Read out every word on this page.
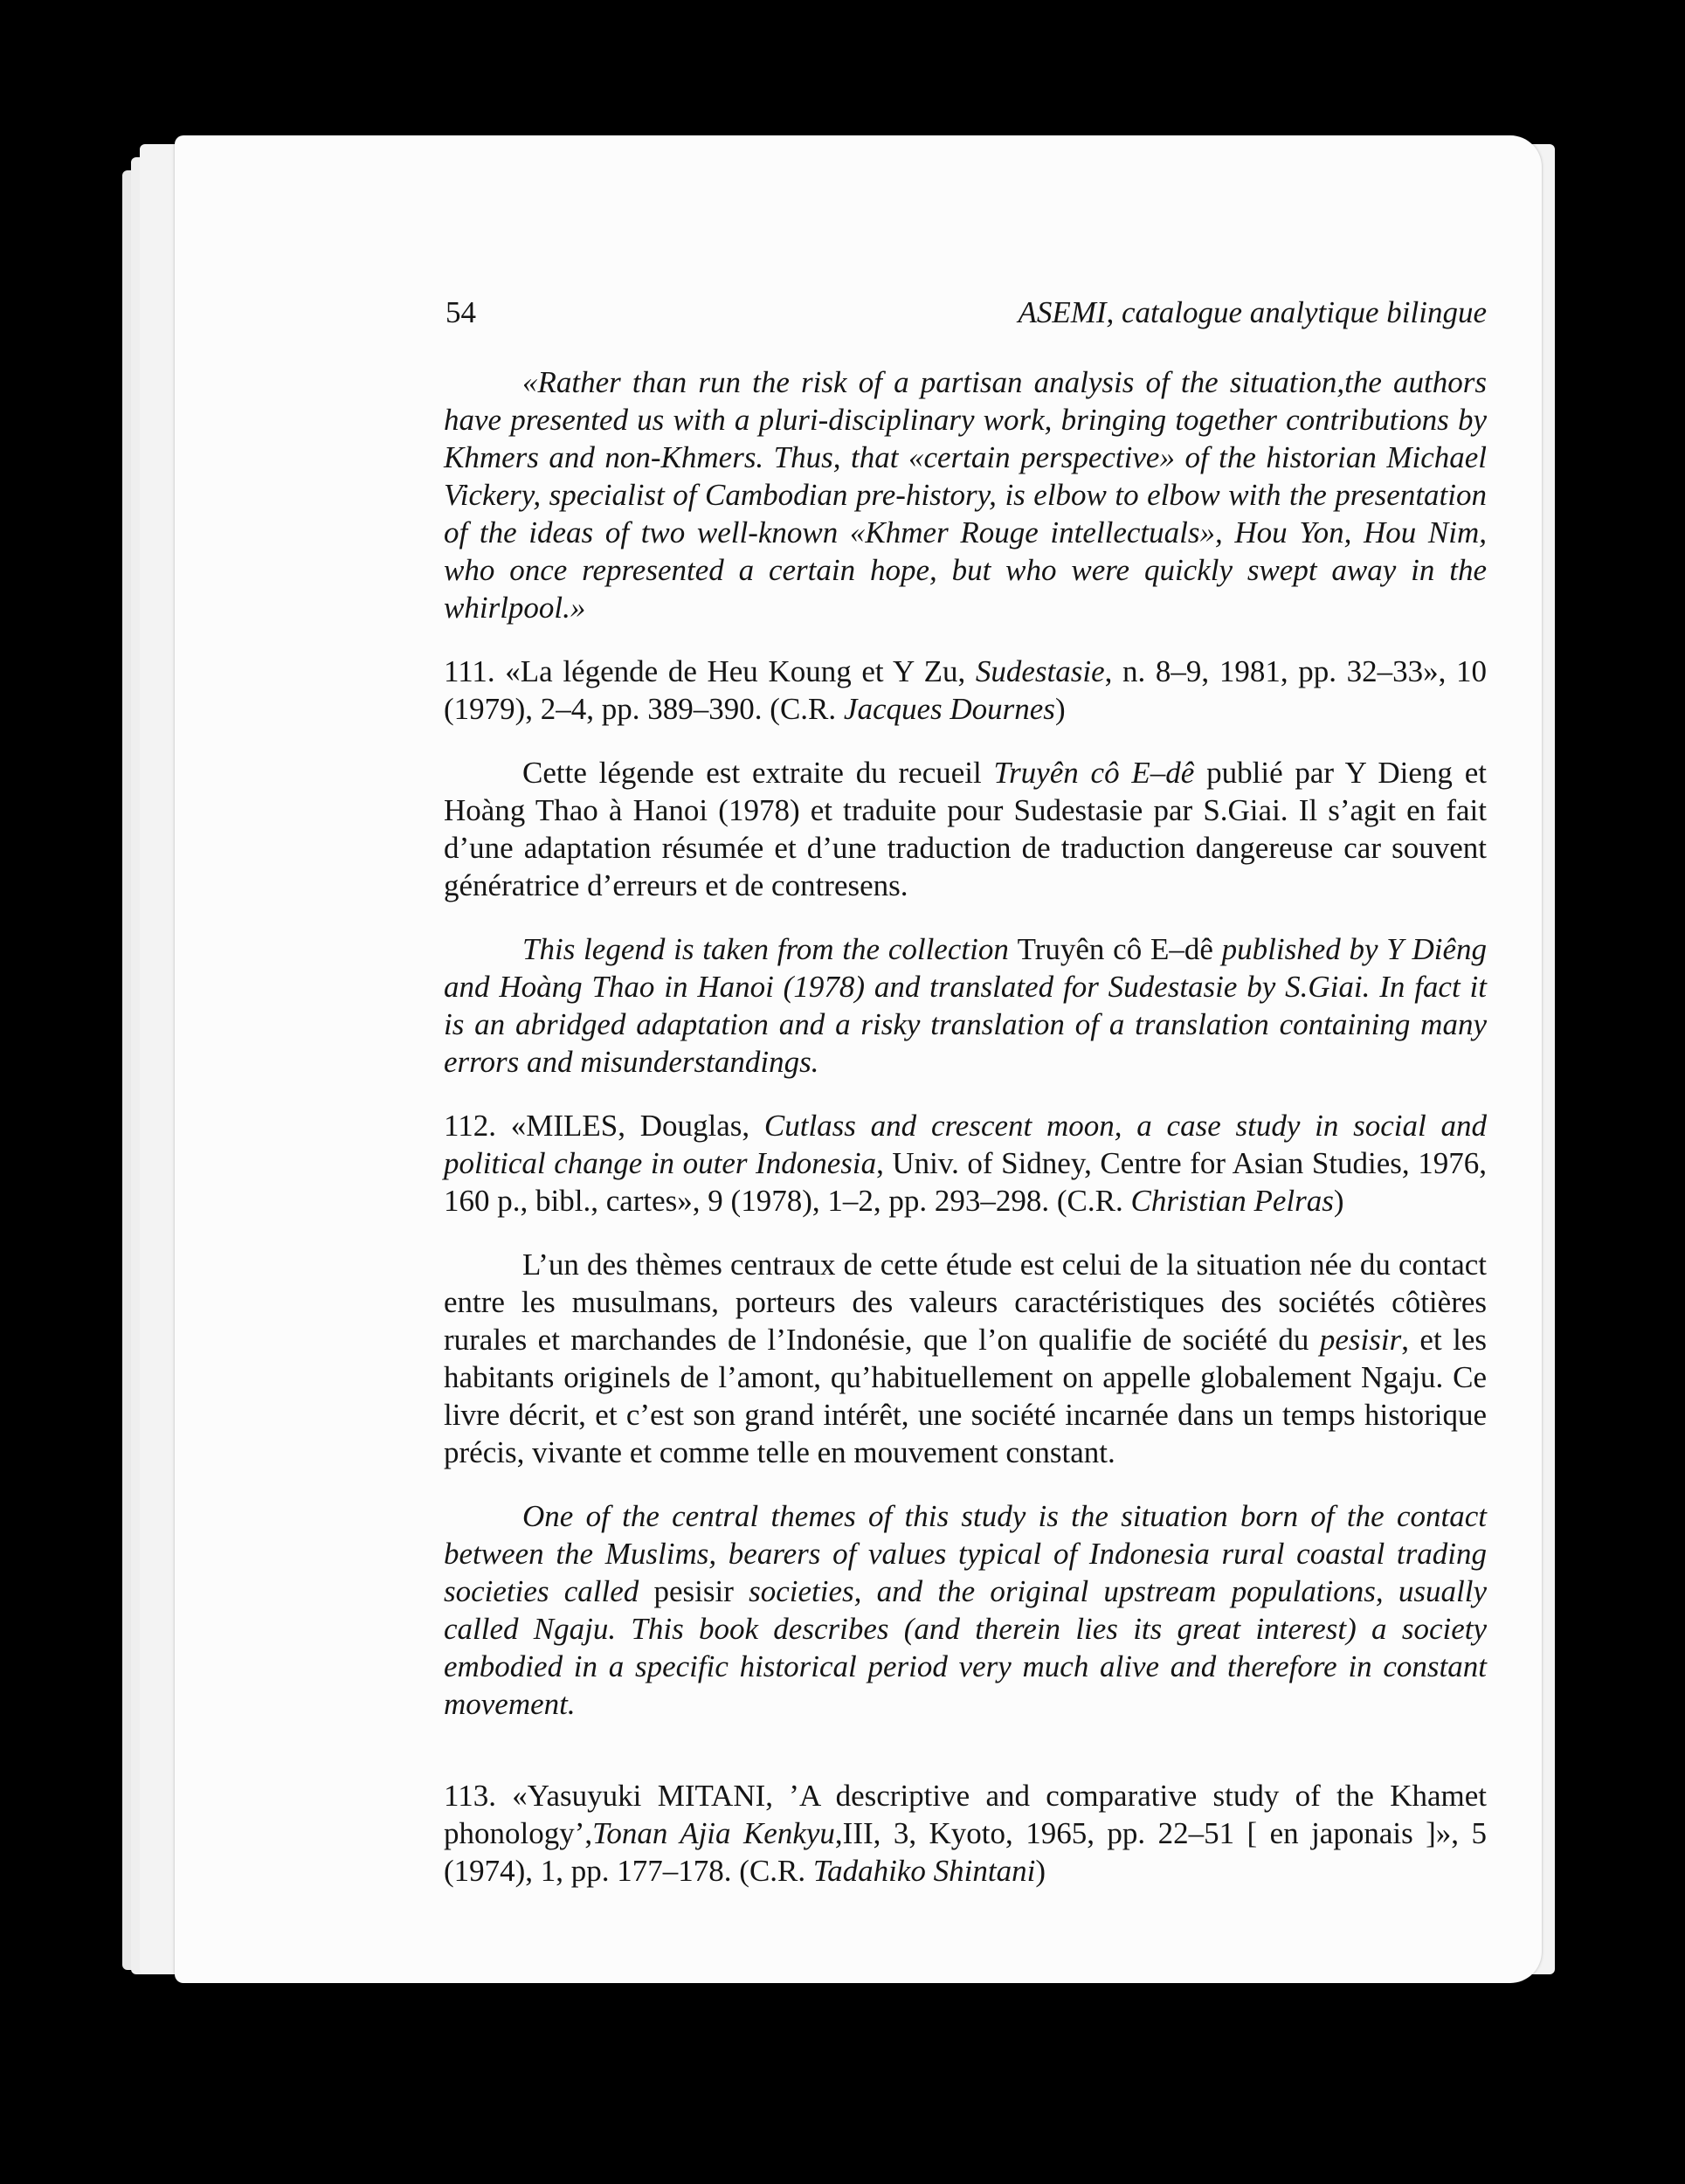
54	ASEMI, catalogue analytique bilingue

«Rather than run the risk of a partisan analysis of the situation,the authors have presented us with a pluri-disciplinary work, bringing together contributions by Khmers and non-Khmers. Thus, that «certain perspective» of the historian Michael Vickery, specialist of Cambodian pre-history, is elbow to elbow with the presentation of the ideas of two well-known «Khmer Rouge intellectuals», Hou Yon, Hou Nim, who once represented a certain hope, but who were quickly swept away in the whirlpool.»

111. «La légende de Heu Koung et Y Zu, Sudestasie, n. 8–9, 1981, pp. 32–33», 10 (1979), 2–4, pp. 389–390. (C.R. Jacques Dournes)

Cette légende est extraite du recueil Truyên cô E–dê publié par Y Dieng et Hoàng Thao à Hanoi (1978) et traduite pour Sudestasie par S.Giai. Il s’agit en fait d’une adaptation résumée et d’une traduction de traduction dangereuse car souvent génératrice d’erreurs et de contresens.

This legend is taken from the collection Truyên cô E–dê published by Y Diêng and Hoàng Thao in Hanoi (1978) and translated for Sudestasie by S.Giai. In fact it is an abridged adaptation and a risky translation of a translation containing many errors and misunderstandings.

112. «MILES, Douglas, Cutlass and crescent moon, a case study in social and political change in outer Indonesia, Univ. of Sidney, Centre for Asian Studies, 1976, 160 p., bibl., cartes», 9 (1978), 1–2, pp. 293–298. (C.R. Christian Pelras)

L’un des thèmes centraux de cette étude est celui de la situation née du contact entre les musulmans, porteurs des valeurs caractéristiques des sociétés côtières rurales et marchandes de l’Indonésie, que l’on qualifie de société du pesisir, et les habitants originels de l’amont, qu’habituellement on appelle globalement Ngaju. Ce livre décrit, et c’est son grand intérêt, une société incarnée dans un temps historique précis, vivante et comme telle en mouvement constant.

One of the central themes of this study is the situation born of the contact between the Muslims, bearers of values typical of Indonesia rural coastal trading societies called pesisir societies, and the original upstream populations, usually called Ngaju. This book describes (and therein lies its great interest) a society embodied in a specific historical period very much alive and therefore in constant movement.

113. «Yasuyuki MITANI, ’A descriptive and comparative study of the Khamet phonology’,Tonan Ajia Kenkyu,III, 3, Kyoto, 1965, pp. 22–51 [ en japonais ]», 5 (1974), 1, pp. 177–178. (C.R. Tadahiko Shintani)
